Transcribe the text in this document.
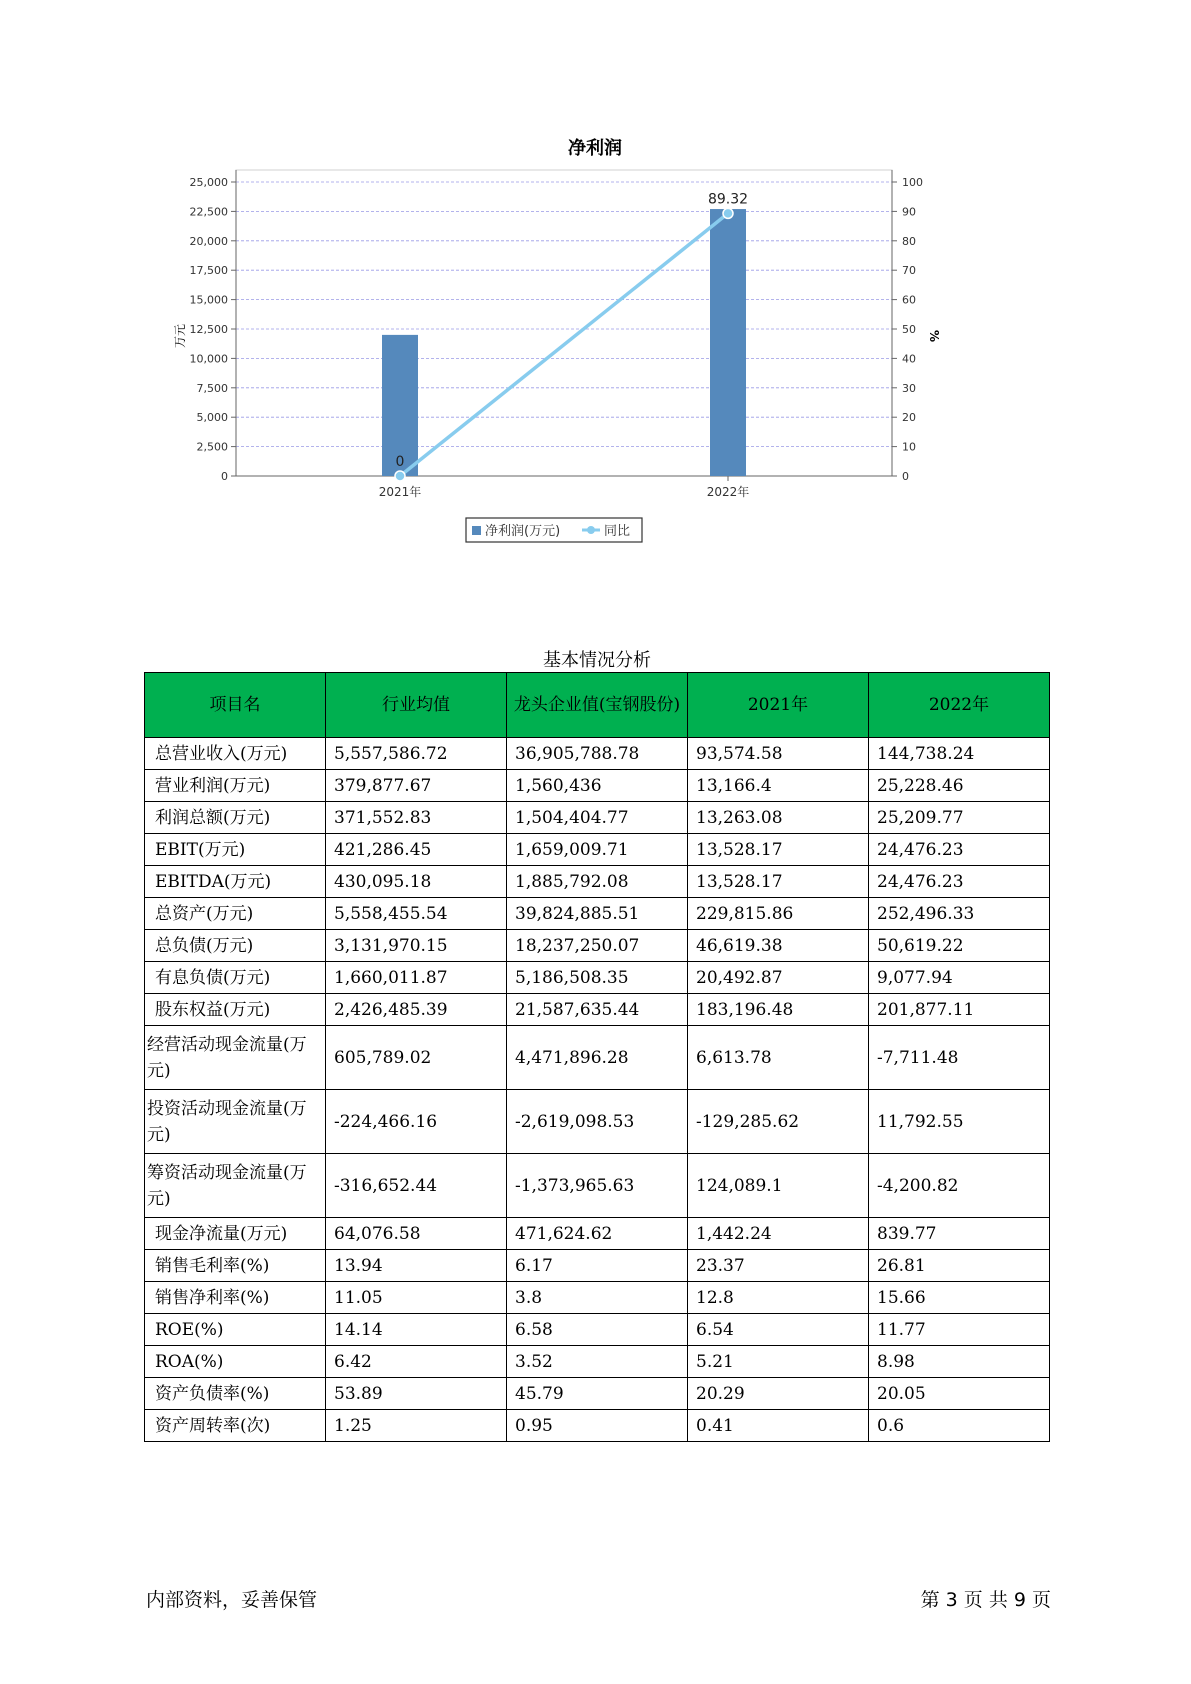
净利润
0
2,500
5,000
7,500
10,000
12,500
15,000
17,500
20,000
22,500
25,000
0
10
20
30
40
50
60
70
80
90
100
2021年	2022年
0
89.32
万元	%
净利润(万元)	同比
基本情况分析
项目名	行业均值	龙头企业值(宝钢股份)	2021年	2022年
总营业收入(万元)	5,557,586.72	36,905,788.78	93,574.58	144,738.24
营业利润(万元)	379,877.67	1,560,436	13,166.4	25,228.46
利润总额(万元)	371,552.83	1,504,404.77	13,263.08	25,209.77
EBIT(万元)	421,286.45	1,659,009.71	13,528.17	24,476.23
EBITDA(万元)	430,095.18	1,885,792.08	13,528.17	24,476.23
总资产(万元)	5,558,455.54	39,824,885.51	229,815.86	252,496.33
总负债(万元)	3,131,970.15	18,237,250.07	46,619.38	50,619.22
有息负债(万元)	1,660,011.87	5,186,508.35	20,492.87	9,077.94
股东权益(万元)	2,426,485.39	21,587,635.44	183,196.48	201,877.11
经营活动现金流量(万元)	605,789.02	4,471,896.28	6,613.78	-7,711.48
投资活动现金流量(万元)	-224,466.16	-2,619,098.53	-129,285.62	11,792.55
筹资活动现金流量(万元)	-316,652.44	-1,373,965.63	124,089.1	-4,200.82
现金净流量(万元)	64,076.58	471,624.62	1,442.24	839.77
销售毛利率(%)	13.94	6.17	23.37	26.81
销售净利率(%)	11.05	3.8	12.8	15.66
ROE(%)	14.14	6.58	6.54	11.77
ROA(%)	6.42	3.52	5.21	8.98
资产负债率(%)	53.89	45.79	20.29	20.05
资产周转率(次)	1.25	0.95	0.41	0.6
内部资料，妥善保管	第 3 页 共 9 页
